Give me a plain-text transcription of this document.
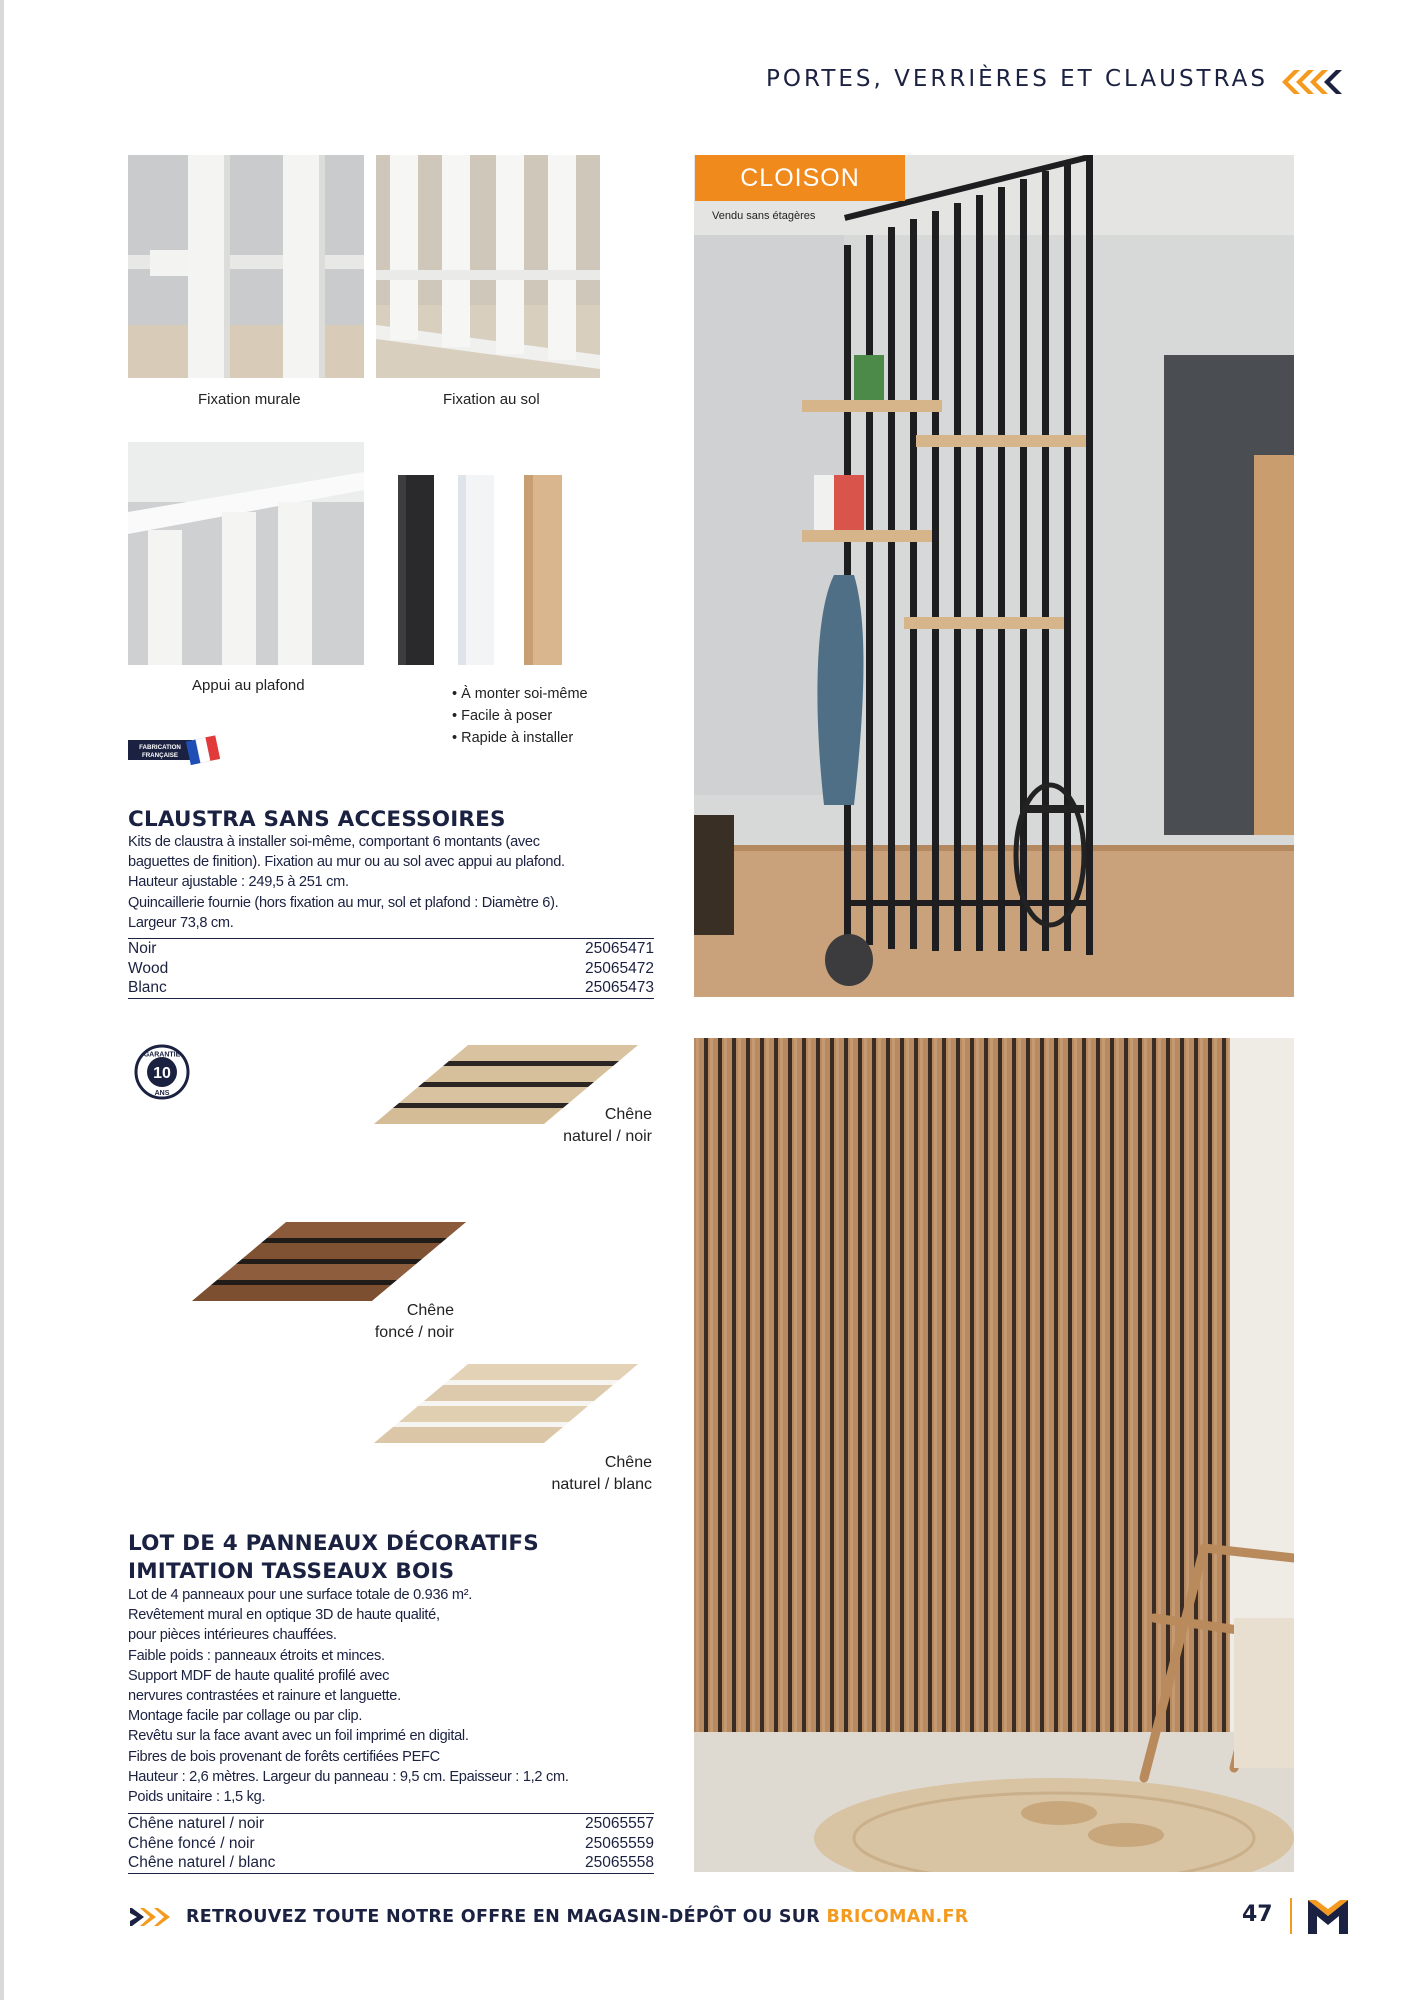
PORTES, VERRIÈRES ET CLAUSTRAS
Fixation murale	Fixation au sol
Appui au plafond	• À monter soi-même
• Facile à poser
• Rapide à installer
FABRICATION
FRANÇAISE
CLAUSTRA SANS ACCESSOIRES
Kits de claustra à installer soi-même, comportant 6 montants (avec
baguettes de finition). Fixation au mur ou au sol avec appui au plafond.
Hauteur ajustable : 249,5 à 251 cm.
Quincaillerie fournie (hors fixation au mur, sol et plafond : Diamètre 6).
Largeur 73,8 cm.
Noir	25065471
Wood	25065472
Blanc	25065473
CLOISON
Vendu sans étagères
GARANTIE
10
ANS
Chêne
naturel / noir
Chêne
foncé / noir
Chêne
naturel / blanc
LOT DE 4 PANNEAUX DÉCORATIFS
IMITATION TASSEAUX BOIS
Lot de 4 panneaux pour une surface totale de 0.936 m².
Revêtement mural en optique 3D de haute qualité,
pour pièces intérieures chauffées.
Faible poids : panneaux étroits et minces.
Support MDF de haute qualité profilé avec
nervures contrastées et rainure et languette.
Montage facile par collage ou par clip.
Revêtu sur la face avant avec un foil imprimé en digital.
Fibres de bois provenant de forêts certifiées PEFC
Hauteur : 2,6 mètres. Largeur du panneau : 9,5 cm. Epaisseur : 1,2 cm.
Poids unitaire : 1,5 kg.
Chêne naturel / noir	25065557
Chêne foncé / noir	25065559
Chêne naturel / blanc	25065558
RETROUVEZ TOUTE NOTRE OFFRE EN MAGASIN-DÉPÔT OU SUR BRICOMAN.FR	47
M
